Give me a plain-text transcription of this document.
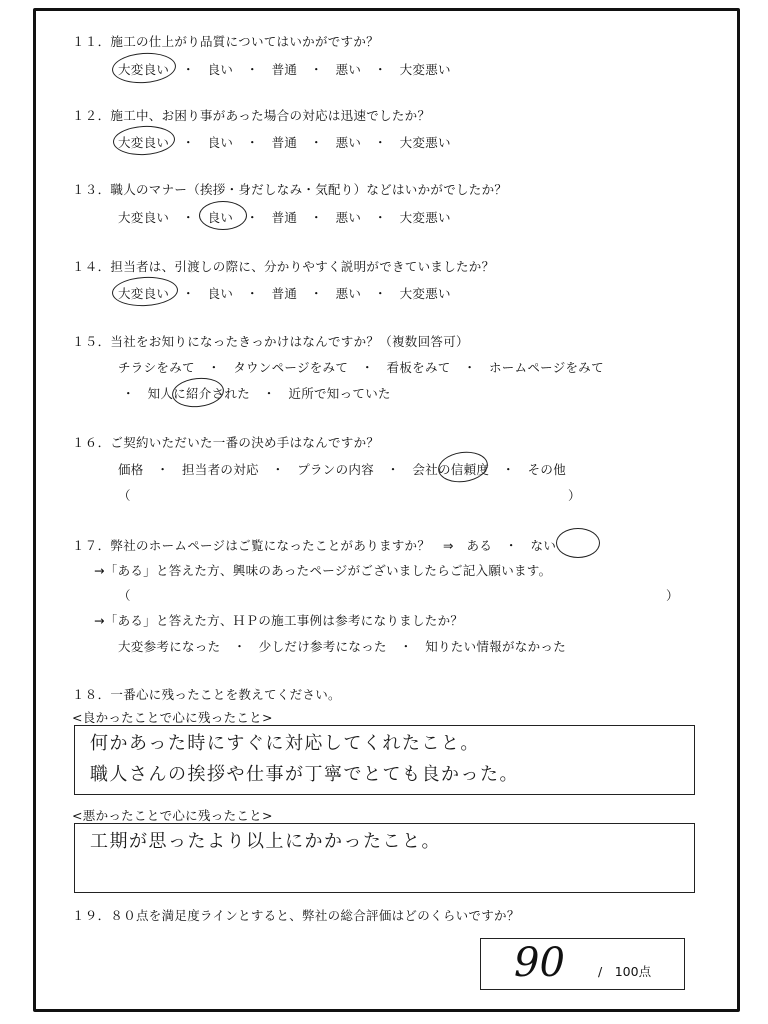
１１．施工の仕上がり品質についてはいかがですか？
大変良い　・　良い　・　普通　・　悪い　・　大変悪い
１２．施工中、お困り事があった場合の対応は迅速でしたか？
大変良い　・　良い　・　普通　・　悪い　・　大変悪い
１３．職人のマナー（挨拶・身だしなみ・気配り）などはいかがでしたか？
大変良い　・　良い　・　普通　・　悪い　・　大変悪い
１４．担当者は、引渡しの際に、分かりやすく説明ができていましたか？
大変良い　・　良い　・　普通　・　悪い　・　大変悪い
１５．当社をお知りになったきっかけはなんですか？（複数回答可）
チラシをみて　・　タウンページをみて　・　看板をみて　・　ホームページをみて
・　知人に紹介された　・　近所で知っていた
１６．ご契約いただいた一番の決め手はなんですか？
価格　・　担当者の対応　・　プランの内容　・　会社の信頼度　・　その他
（	）
１７．弊社のホームページはご覧になったことがありますか？　⇒　ある　・　ない
→「ある」と答えた方、興味のあったページがございましたらご記入願います。
（	）
→「ある」と答えた方、ＨＰの施工事例は参考になりましたか？
大変参考になった　・　少しだけ参考になった　・　知りたい情報がなかった
１８．一番心に残ったことを教えてください。
<良かったことで心に残ったこと>
何かあった時にすぐに対応してくれたこと。
職人さんの挨拶や仕事が丁寧でとても良かった。
<悪かったことで心に残ったこと>
工期が思ったより以上にかかったこと。
１９．８０点を満足度ラインとすると、弊社の総合評価はどのくらいですか？
90	/　100点
